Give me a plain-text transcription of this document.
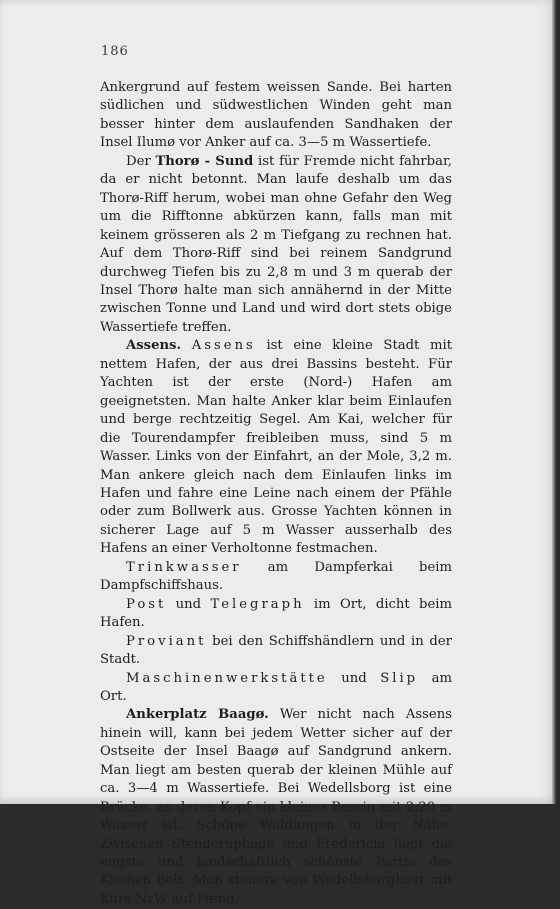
186

Ankergrund auf festem weissen Sande. Bei harten südlichen und südwestlichen Winden geht man besser hinter dem auslaufenden Sandhaken der Insel Ilumø vor Anker auf ca. 3—5 m Wassertiefe.

Der Thorø - Sund ist für Fremde nicht fahrbar, da er nicht betonnt. Man laufe deshalb um das Thorø-Riff herum, wobei man ohne Gefahr den Weg um die Rifftonne abkürzen kann, falls man mit keinem grösseren als 2 m Tiefgang zu rechnen hat. Auf dem Thorø-Riff sind bei reinem Sandgrund durchweg Tiefen bis zu 2,8 m und 3 m querab der Insel Thorø halte man sich annähernd in der Mitte zwischen Tonne und Land und wird dort stets obige Wassertiefe treffen.

Assens. Assens ist eine kleine Stadt mit nettem Hafen, der aus drei Bassins besteht. Für Yachten ist der erste (Nord-) Hafen am geeignetsten. Man halte Anker klar beim Einlaufen und berge rechtzeitig Segel. Am Kai, welcher für die Tourendampfer freibleiben muss, sind 5 m Wasser. Links von der Einfahrt, an der Mole, 3,2 m. Man ankere gleich nach dem Einlaufen links im Hafen und fahre eine Leine nach einem der Pfähle oder zum Bollwerk aus. Grosse Yachten können in sicherer Lage auf 5 m Wasser ausserhalb des Hafens an einer Verholtonne festmachen.

Trinkwasser am Dampferkai beim Dampfschiffshaus.

Post und Telegraph im Ort, dicht beim Hafen.

Proviant bei den Schiffshändlern und in der Stadt.

Maschinenwerkstätte und Slip am Ort.

Ankerplatz Baagø. Wer nicht nach Assens hinein will, kann bei jedem Wetter sicher auf der Ostseite der Insel Baagø auf Sandgrund ankern. Man liegt am besten querab der kleinen Mühle auf ca. 3—4 m Wassertiefe. Bei Wedellsborg ist eine Brücke, an deren Kopf ein kleines Bassin mit 2,20 m Wasser ist. Schöne Waldungen in der Nähe. Zwischen Stenderuphage und Fredericia liegt die engste und landschaftlich schönste Partie des Kleinen Belt. Man steuere von Wedellsborghøvt mit Kurs NzW auf Fænø.
